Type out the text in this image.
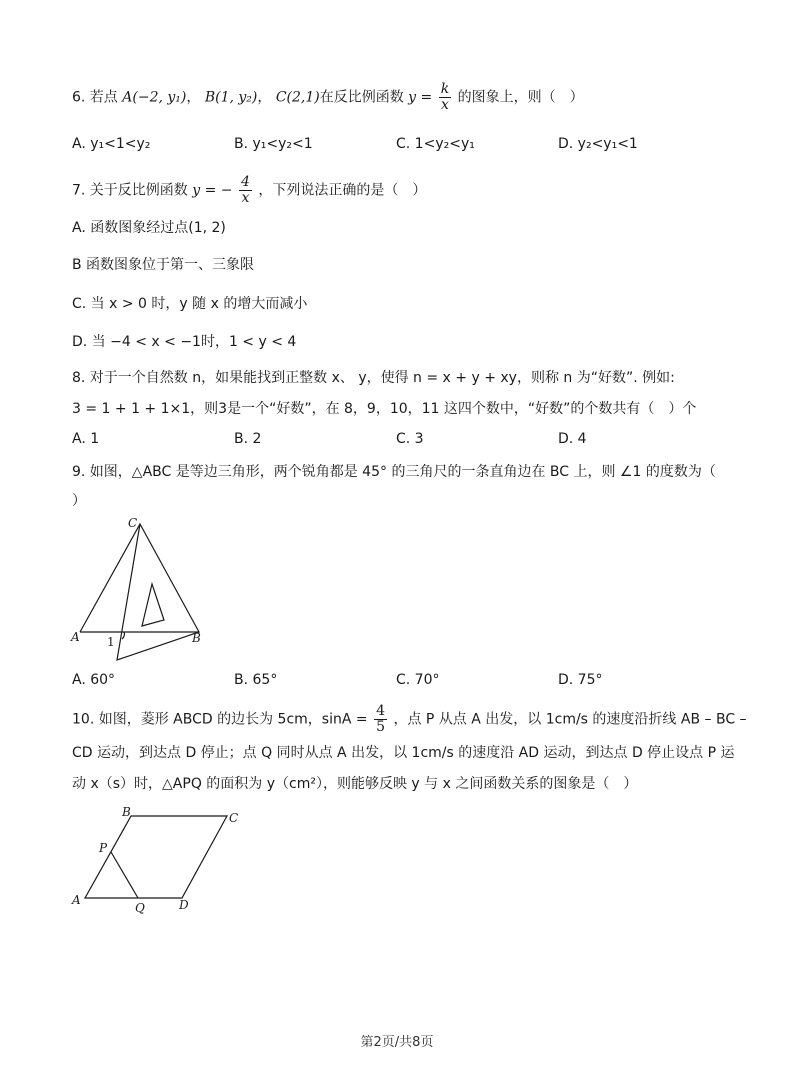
6. 若点 A(−2, y₁)， B(1, y₂)， C(2,1)在反比例函数 $y = \frac{k}{x}$ 的图象上，则（　）
A. y₁<1<y₂	B. y₁<y₂<1	C. 1<y₂<y₁	D. y₂<y₁<1
7. 关于反比例函数 y = − $\frac{4}{x}$ ，下列说法正确的是（　）
A. 函数图象经过点(1, 2)
B 函数图象位于第一、三象限
C. 当 x > 0 时，y 随 x 的增大而减小
D. 当 −4 < x < −1时，1 < y < 4
8. 对于一个自然数 n，如果能找到正整数 x、 y，使得 n = x + y + xy，则称 n 为“好数”. 例如:
3 = 1 + 1 + 1×1，则3是一个“好数”，在 8，9，10，11 这四个数中，“好数”的个数共有（　）个
A. 1	B. 2	C. 3	D. 4
9. 如图，△ABC 是等边三角形，两个锐角都是 45° 的三角尺的一条直角边在 BC 上，则 ∠1 的度数为（
）
C
A	B
1
A. 60°	B. 65°	C. 70°	D. 75°
10. 如图，菱形 ABCD 的边长为 5cm，$\sin A = \frac{4}{5}$ ，点 P 从点 A 出发，以 1cm/s 的速度沿折线 AB – BC –
CD 运动，到达点 D 停止；点 Q 同时从点 A 出发，以 1cm/s 的速度沿 AD 运动，到达点 D 停止设点 P 运
动 x（s）时，△APQ 的面积为 y（cm²），则能够反映 y 与 x 之间函数关系的图象是（　）
B	C
P
A
Q	D
第2页/共8页
